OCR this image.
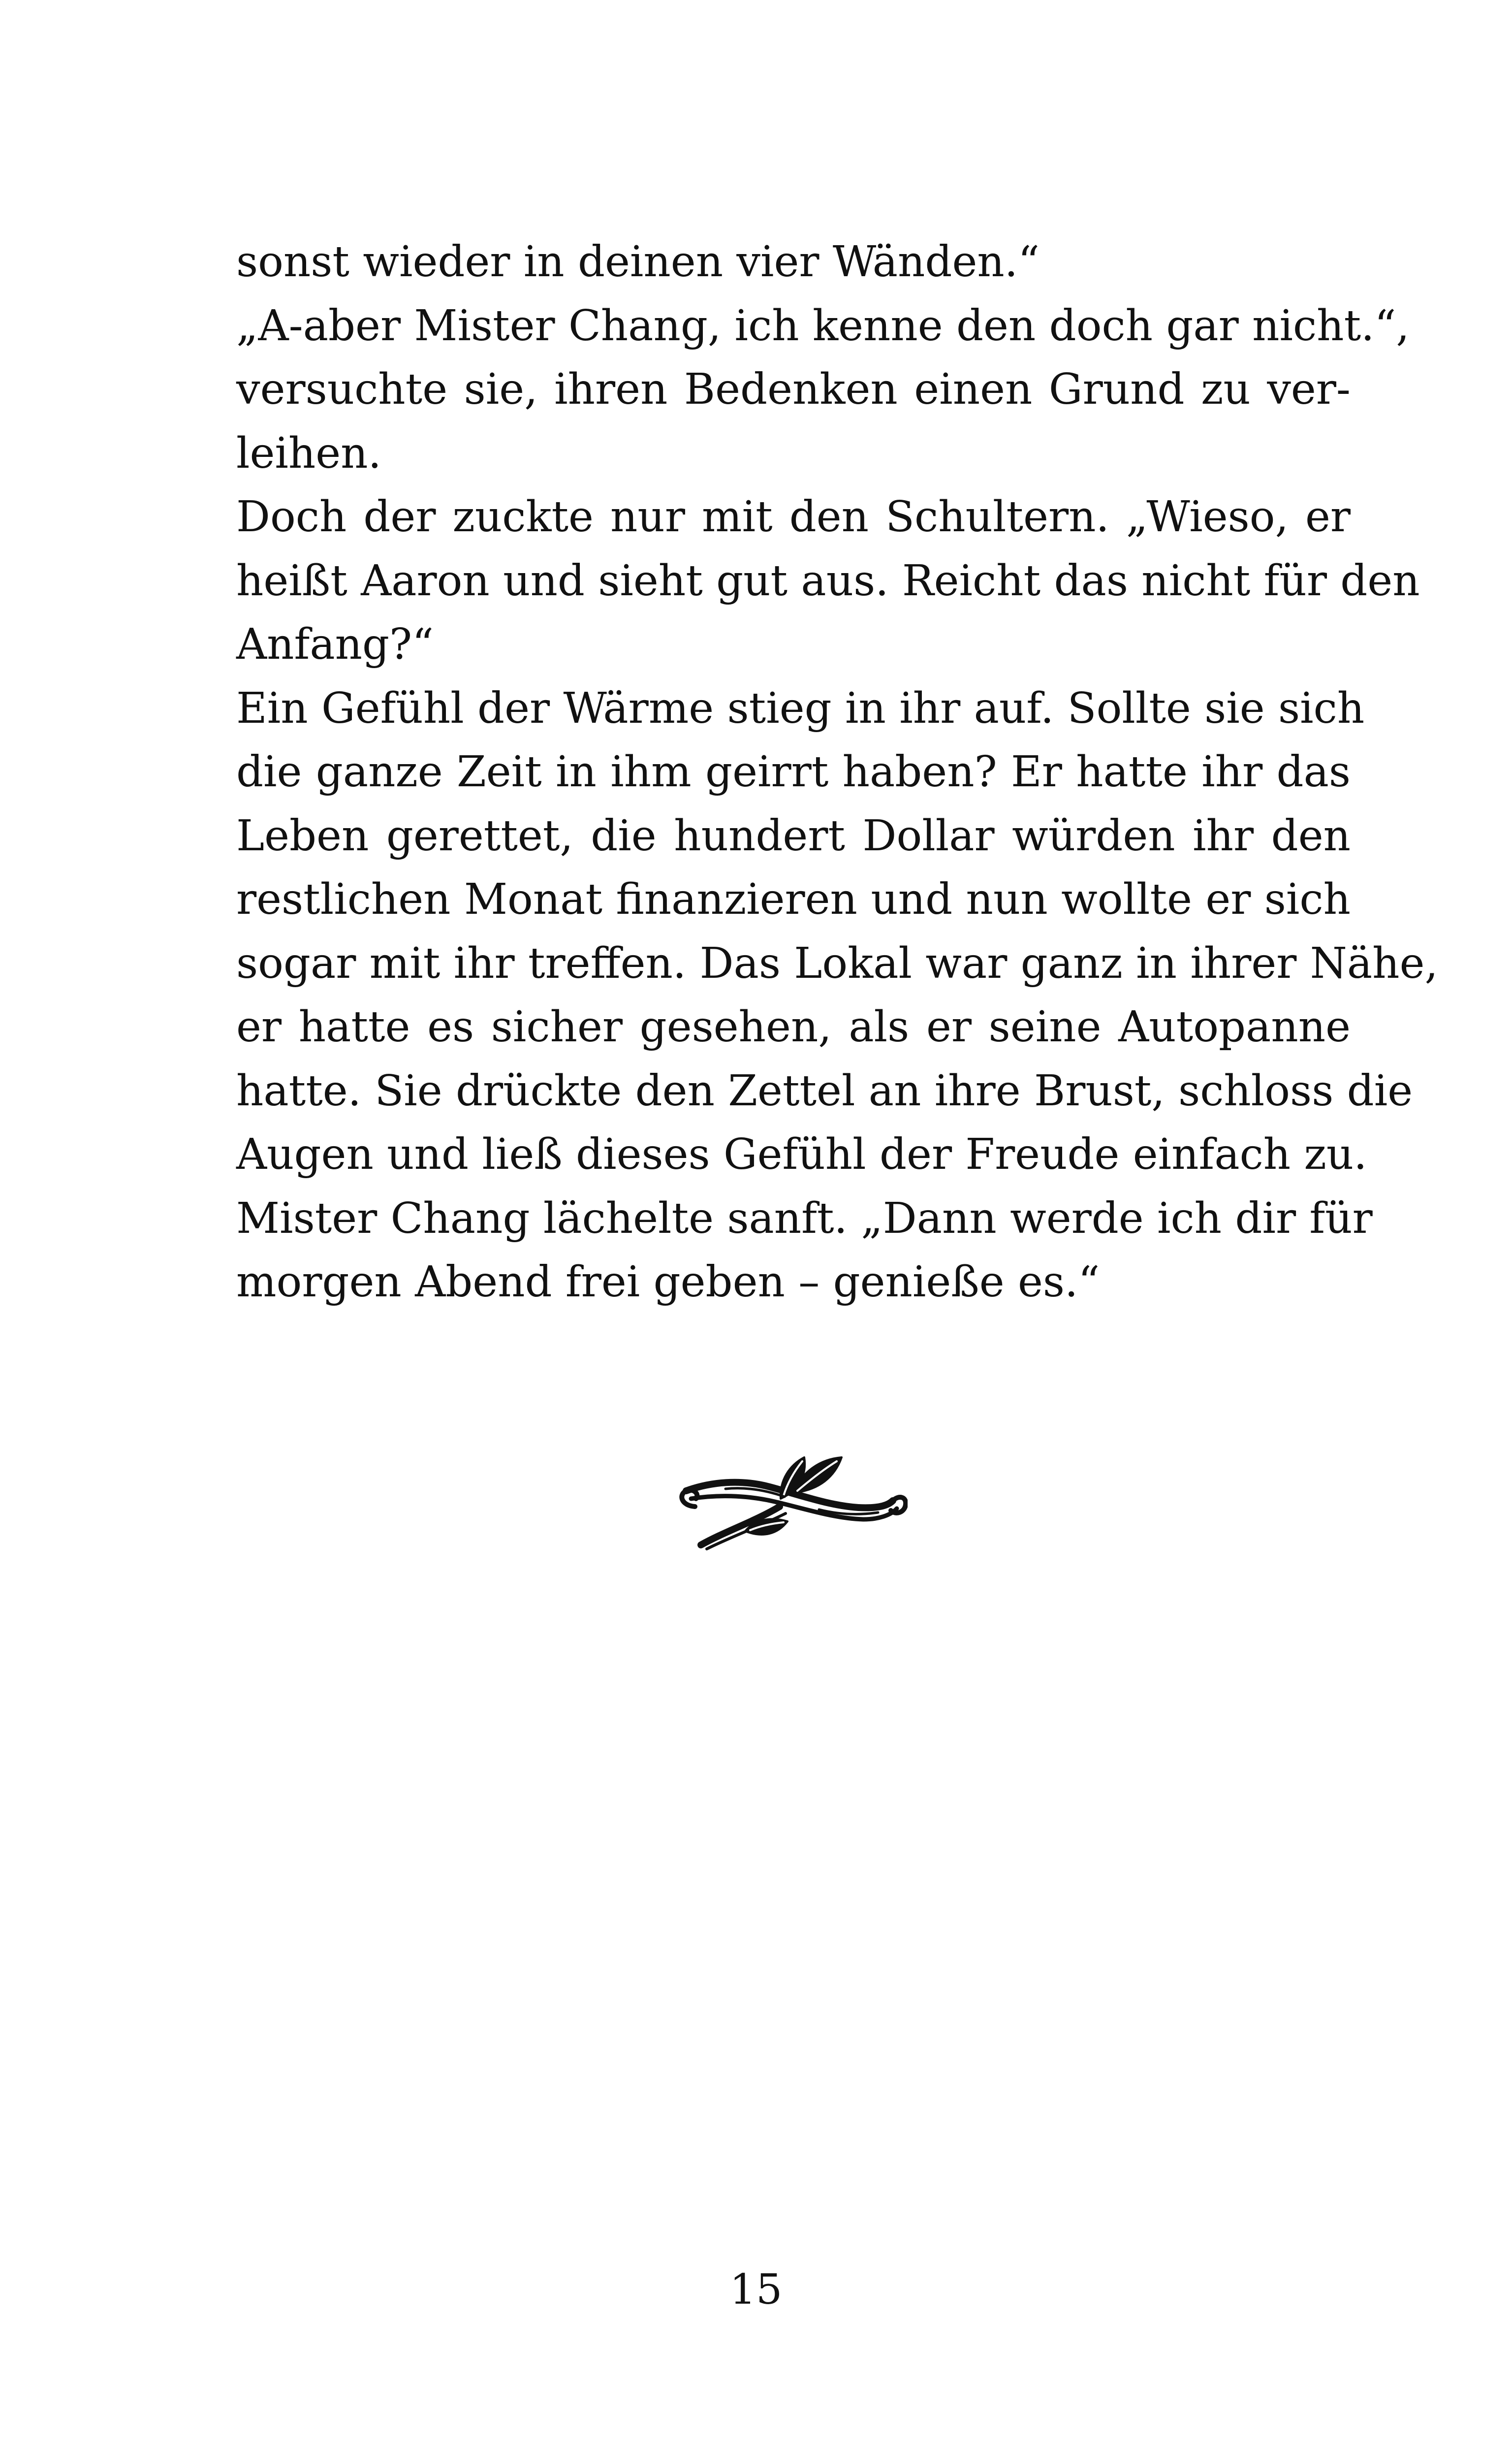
sonst wieder in deinen vier Wänden.“
„A-aber Mister Chang, ich kenne den doch gar nicht.“,
versuchte sie, ihren Bedenken einen Grund zu ver-
leihen.
Doch der zuckte nur mit den Schultern. „Wieso, er
heißt Aaron und sieht gut aus. Reicht das nicht für den
Anfang?“
Ein Gefühl der Wärme stieg in ihr auf. Sollte sie sich
die ganze Zeit in ihm geirrt haben? Er hatte ihr das
Leben gerettet, die hundert Dollar würden ihr den
restlichen Monat finanzieren und nun wollte er sich
sogar mit ihr treffen. Das Lokal war ganz in ihrer Nähe,
er hatte es sicher gesehen, als er seine Autopanne
hatte. Sie drückte den Zettel an ihre Brust, schloss die
Augen und ließ dieses Gefühl der Freude einfach zu.
Mister Chang lächelte sanft. „Dann werde ich dir für
morgen Abend frei geben – genieße es.“
15
